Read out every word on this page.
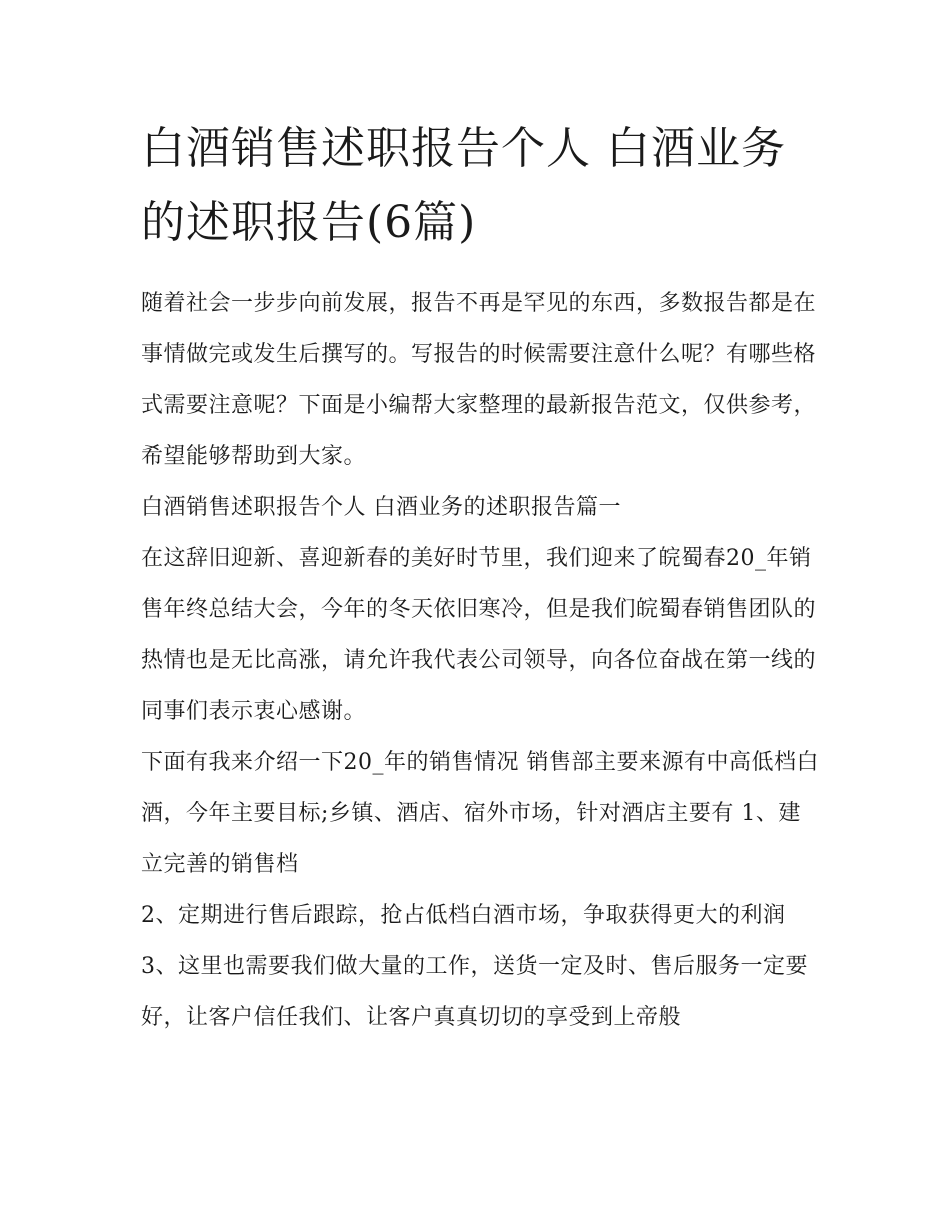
白酒销售述职报告个人 白酒业务的述职报告(6篇)

随着社会一步步向前发展，报告不再是罕见的东西，多数报告都是在事情做完或发生后撰写的。写报告的时候需要注意什么呢？有哪些格式需要注意呢？下面是小编帮大家整理的最新报告范文，仅供参考，希望能够帮助到大家。

白酒销售述职报告个人 白酒业务的述职报告篇一

在这辞旧迎新、喜迎新春的美好时节里，我们迎来了皖蜀春20_年销售年终总结大会，今年的冬天依旧寒冷，但是我们皖蜀春销售团队的热情也是无比高涨，请允许我代表公司领导，向各位奋战在第一线的同事们表示衷心感谢。

下面有我来介绍一下20_年的销售情况 销售部主要来源有中高低档白酒，今年主要目标;乡镇、酒店、宿外市场，针对酒店主要有 1、建立完善的销售档

2、定期进行售后跟踪，抢占低档白酒市场，争取获得更大的利润

3、这里也需要我们做大量的工作，送货一定及时、售后服务一定要好，让客户信任我们、让客户真真切切的享受到上帝般
